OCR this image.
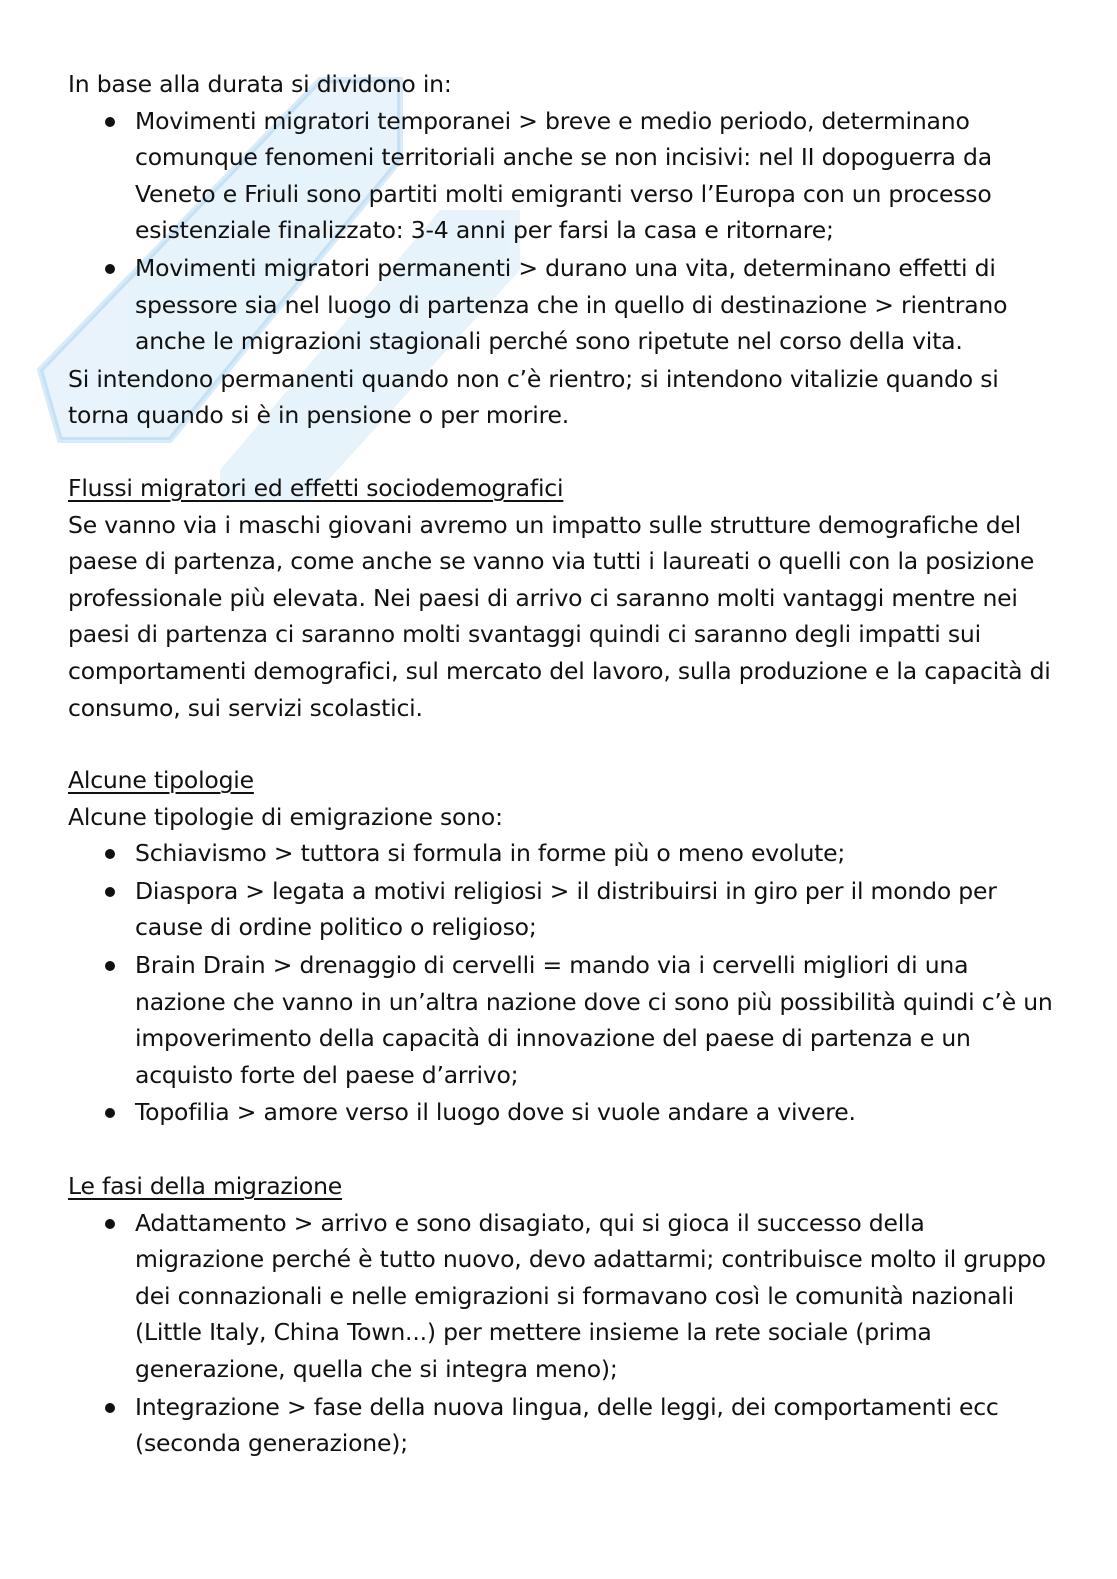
In base alla durata si dividono in:

Movimenti migratori temporanei > breve e medio periodo, determinano comunque fenomeni territoriali anche se non incisivi: nel II dopoguerra da Veneto e Friuli sono partiti molti emigranti verso l’Europa con un processo esistenziale finalizzato: 3-4 anni per farsi la casa e ritornare;
Movimenti migratori permanenti > durano una vita, determinano effetti di spessore sia nel luogo di partenza che in quello di destinazione > rientrano anche le migrazioni stagionali perché sono ripetute nel corso della vita.

Si intendono permanenti quando non c’è rientro; si intendono vitalizie quando si torna quando si è in pensione o per morire.

Flussi migratori ed effetti sociodemografici

Se vanno via i maschi giovani avremo un impatto sulle strutture demografiche del paese di partenza, come anche se vanno via tutti i laureati o quelli con la posizione professionale più elevata. Nei paesi di arrivo ci saranno molti vantaggi mentre nei paesi di partenza ci saranno molti svantaggi quindi ci saranno degli impatti sui comportamenti demografici, sul mercato del lavoro, sulla produzione e la capacità di consumo, sui servizi scolastici.

Alcune tipologie

Alcune tipologie di emigrazione sono:

Schiavismo > tuttora si formula in forme più o meno evolute;
Diaspora > legata a motivi religiosi > il distribuirsi in giro per il mondo per cause di ordine politico o religioso;
Brain Drain > drenaggio di cervelli = mando via i cervelli migliori di una nazione che vanno in un’altra nazione dove ci sono più possibilità quindi c’è un impoverimento della capacità di innovazione del paese di partenza e un acquisto forte del paese d’arrivo;
Topofilia > amore verso il luogo dove si vuole andare a vivere.

Le fasi della migrazione

Adattamento > arrivo e sono disagiato, qui si gioca il successo della migrazione perché è tutto nuovo, devo adattarmi; contribuisce molto il gruppo dei connazionali e nelle emigrazioni si formavano così le comunità nazionali (Little Italy, China Town...) per mettere insieme la rete sociale (prima generazione, quella che si integra meno);
Integrazione > fase della nuova lingua, delle leggi, dei comportamenti ecc (seconda generazione);
